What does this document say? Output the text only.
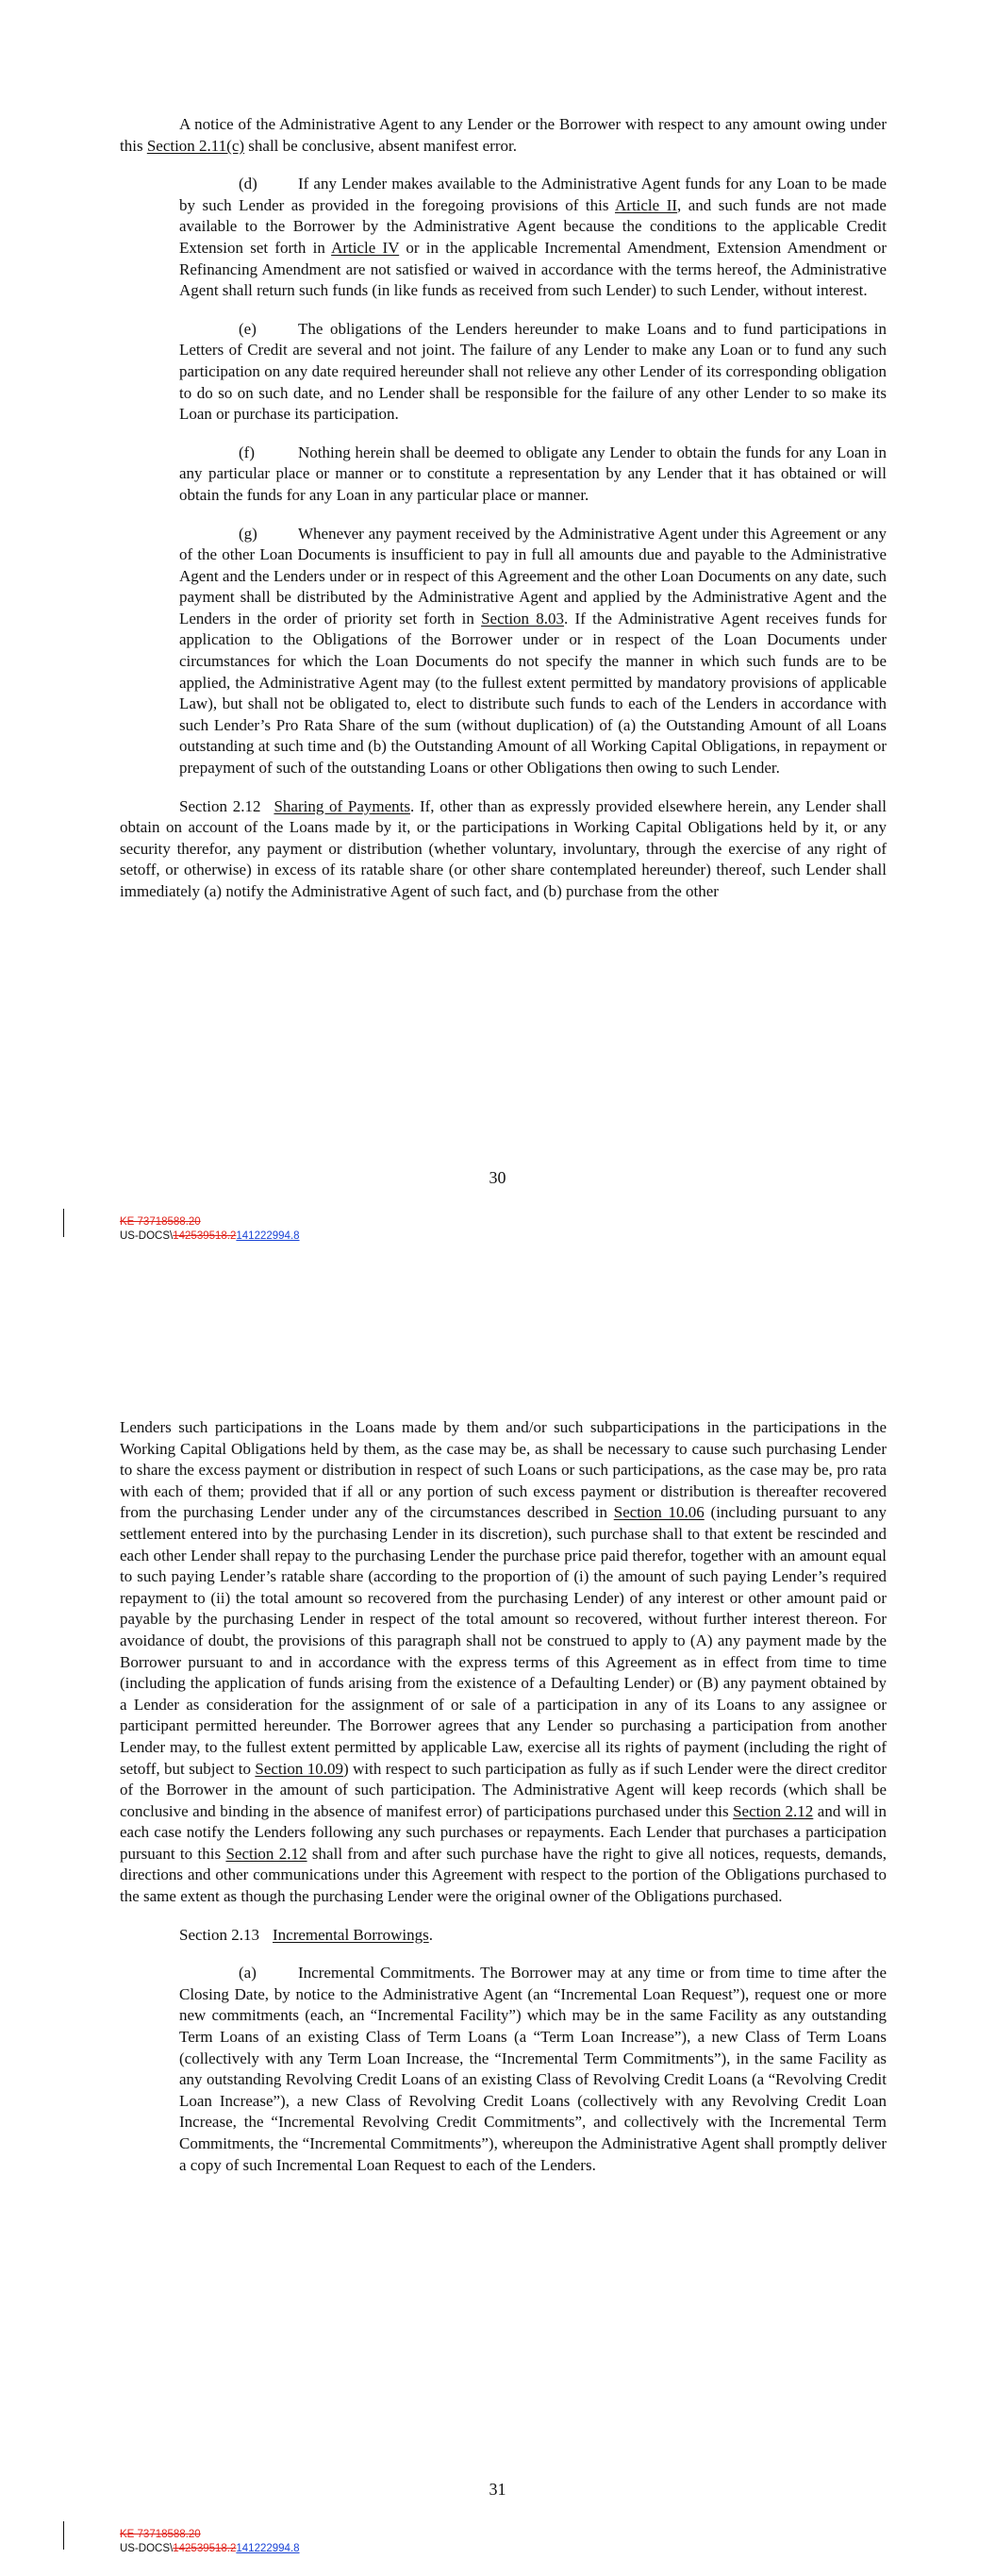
A notice of the Administrative Agent to any Lender or the Borrower with respect to any amount owing under this Section 2.11(c) shall be conclusive, absent manifest error.

(d)	If any Lender makes available to the Administrative Agent funds for any Loan to be made by such Lender as provided in the foregoing provisions of this Article II, and such funds are not made available to the Borrower by the Administrative Agent because the conditions to the applicable Credit Extension set forth in Article IV or in the applicable Incremental Amendment, Extension Amendment or Refinancing Amendment are not satisfied or waived in accordance with the terms hereof, the Administrative Agent shall return such funds (in like funds as received from such Lender) to such Lender, without interest.

(e)	The obligations of the Lenders hereunder to make Loans and to fund participations in Letters of Credit are several and not joint. The failure of any Lender to make any Loan or to fund any such participation on any date required hereunder shall not relieve any other Lender of its corresponding obligation to do so on such date, and no Lender shall be responsible for the failure of any other Lender to so make its Loan or purchase its participation.

(f)	Nothing herein shall be deemed to obligate any Lender to obtain the funds for any Loan in any particular place or manner or to constitute a representation by any Lender that it has obtained or will obtain the funds for any Loan in any particular place or manner.

(g)	Whenever any payment received by the Administrative Agent under this Agreement or any of the other Loan Documents is insufficient to pay in full all amounts due and payable to the Administrative Agent and the Lenders under or in respect of this Agreement and the other Loan Documents on any date, such payment shall be distributed by the Administrative Agent and applied by the Administrative Agent and the Lenders in the order of priority set forth in Section 8.03. If the Administrative Agent receives funds for application to the Obligations of the Borrower under or in respect of the Loan Documents under circumstances for which the Loan Documents do not specify the manner in which such funds are to be applied, the Administrative Agent may (to the fullest extent permitted by mandatory provisions of applicable Law), but shall not be obligated to, elect to distribute such funds to each of the Lenders in accordance with such Lender’s Pro Rata Share of the sum (without duplication) of (a) the Outstanding Amount of all Loans outstanding at such time and (b) the Outstanding Amount of all Working Capital Obligations, in repayment or prepayment of such of the outstanding Loans or other Obligations then owing to such Lender.

Section 2.12 Sharing of Payments. If, other than as expressly provided elsewhere herein, any Lender shall obtain on account of the Loans made by it, or the participations in Working Capital Obligations held by it, or any security therefor, any payment or distribution (whether voluntary, involuntary, through the exercise of any right of setoff, or otherwise) in excess of its ratable share (or other share contemplated hereunder) thereof, such Lender shall immediately (a) notify the Administrative Agent of such fact, and (b) purchase from the other

30
KE 73718588.20
US-DOCS\142539518.2141222994.8

Lenders such participations in the Loans made by them and/or such subparticipations in the participations in the Working Capital Obligations held by them, as the case may be, as shall be necessary to cause such purchasing Lender to share the excess payment or distribution in respect of such Loans or such participations, as the case may be, pro rata with each of them; provided that if all or any portion of such excess payment or distribution is thereafter recovered from the purchasing Lender under any of the circumstances described in Section 10.06 (including pursuant to any settlement entered into by the purchasing Lender in its discretion), such purchase shall to that extent be rescinded and each other Lender shall repay to the purchasing Lender the purchase price paid therefor, together with an amount equal to such paying Lender’s ratable share (according to the proportion of (i) the amount of such paying Lender’s required repayment to (ii) the total amount so recovered from the purchasing Lender) of any interest or other amount paid or payable by the purchasing Lender in respect of the total amount so recovered, without further interest thereon. For avoidance of doubt, the provisions of this paragraph shall not be construed to apply to (A) any payment made by the Borrower pursuant to and in accordance with the express terms of this Agreement as in effect from time to time (including the application of funds arising from the existence of a Defaulting Lender) or (B) any payment obtained by a Lender as consideration for the assignment of or sale of a participation in any of its Loans to any assignee or participant permitted hereunder. The Borrower agrees that any Lender so purchasing a participation from another Lender may, to the fullest extent permitted by applicable Law, exercise all its rights of payment (including the right of setoff, but subject to Section 10.09) with respect to such participation as fully as if such Lender were the direct creditor of the Borrower in the amount of such participation. The Administrative Agent will keep records (which shall be conclusive and binding in the absence of manifest error) of participations purchased under this Section 2.12 and will in each case notify the Lenders following any such purchases or repayments. Each Lender that purchases a participation pursuant to this Section 2.12 shall from and after such purchase have the right to give all notices, requests, demands, directions and other communications under this Agreement with respect to the portion of the Obligations purchased to the same extent as though the purchasing Lender were the original owner of the Obligations purchased.

Section 2.13 Incremental Borrowings.

(a)	Incremental Commitments. The Borrower may at any time or from time to time after the Closing Date, by notice to the Administrative Agent (an “Incremental Loan Request”), request one or more new commitments (each, an “Incremental Facility”) which may be in the same Facility as any outstanding Term Loans of an existing Class of Term Loans (a “Term Loan Increase”), a new Class of Term Loans (collectively with any Term Loan Increase, the “Incremental Term Commitments”), in the same Facility as any outstanding Revolving Credit Loans of an existing Class of Revolving Credit Loans (a “Revolving Credit Loan Increase”), a new Class of Revolving Credit Loans (collectively with any Revolving Credit Loan Increase, the “Incremental Revolving Credit Commitments”, and collectively with the Incremental Term Commitments, the “Incremental Commitments”), whereupon the Administrative Agent shall promptly deliver a copy of such Incremental Loan Request to each of the Lenders.

31
KE 73718588.20
US-DOCS\142539518.2141222994.8
